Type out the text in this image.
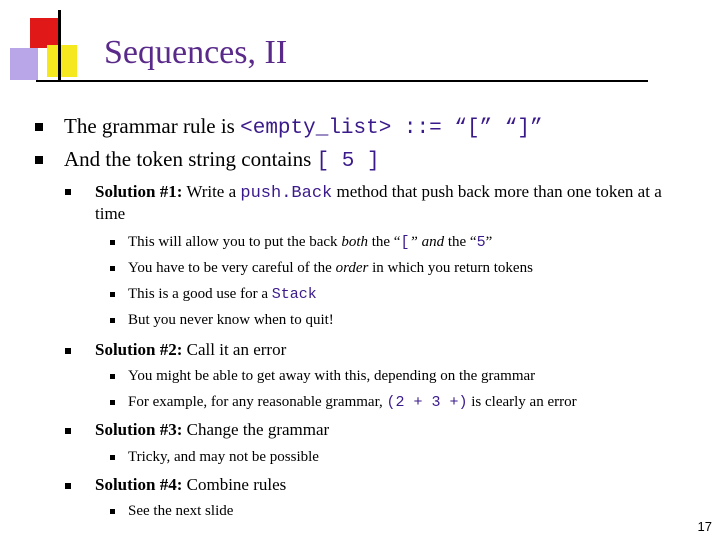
Sequences, II
The grammar rule is <empty_list> ::= “[” “]”
And the token string contains [ 5 ]
Solution #1: Write a push.Back method that push back more than one token at a time
This will allow you to put the back both the “[” and the “5”
You have to be very careful of the order in which you return tokens
This is a good use for a Stack
But you never know when to quit!
Solution #2: Call it an error
You might be able to get away with this, depending on the grammar
For example, for any reasonable grammar, (2 + 3 +) is clearly an error
Solution #3: Change the grammar
Tricky, and may not be possible
Solution #4: Combine rules
See the next slide
17
